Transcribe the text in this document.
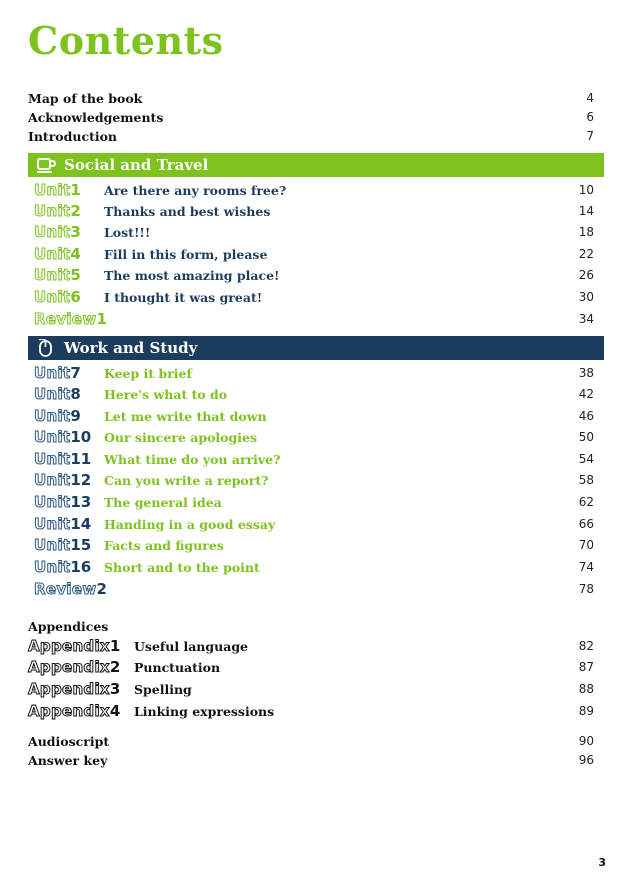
Contents
Map of the book	4
Acknowledgements	6
Introduction	7
Social and Travel
Unit 1 Are there any rooms free?	10
Unit 2 Thanks and best wishes	14
Unit 3 Lost!!!	18
Unit 4 Fill in this form, please	22
Unit 5 The most amazing place!	26
Unit 6 I thought it was great!	30
Review 1	34
Work and Study
Unit 7 Keep it brief	38
Unit 8 Here's what to do	42
Unit 9 Let me write that down	46
Unit 10 Our sincere apologies	50
Unit 11 What time do you arrive?	54
Unit 12 Can you write a report?	58
Unit 13 The general idea	62
Unit 14 Handing in a good essay	66
Unit 15 Facts and figures	70
Unit 16 Short and to the point	74
Review 2	78
Appendices
Appendix 1 Useful language	82
Appendix 2 Punctuation	87
Appendix 3 Spelling	88
Appendix 4 Linking expressions	89
Audioscript	90
Answer key	96
3
